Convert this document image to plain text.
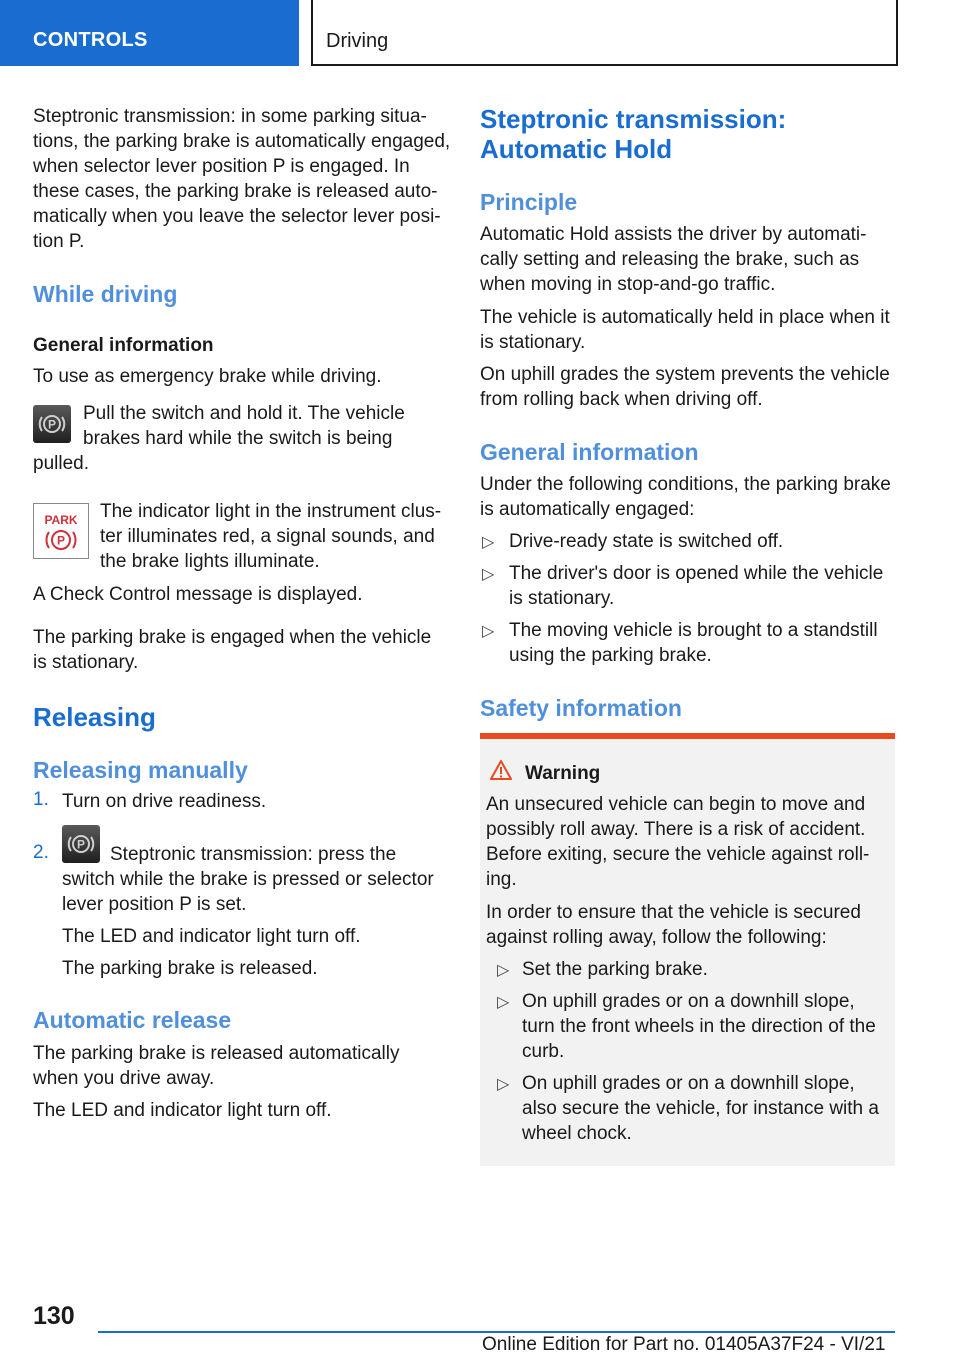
CONTROLS	Driving

Steptronic transmission: in some parking situa‐

tions, the parking brake is automatically engaged,

when selector lever position P is engaged. In

these cases, the parking brake is released auto‐

matically when you leave the selector lever posi‐

tion P.

While driving
General information

To use as emergency brake while driving.

P

Pull the switch and hold it. The vehicle

brakes hard while the switch is being

pulled.

PARK
P

The indicator light in the instrument clus‐

ter illuminates red, a signal sounds, and

the brake lights illuminate.

A Check Control message is displayed.

The parking brake is engaged when the vehicle

is stationary.

Releasing
Releasing manually
1. Turn on drive readiness.

2. P Steptronic transmission: press the

switch while the brake is pressed or selector

lever position P is set.

The LED and indicator light turn off.

The parking brake is released.

Automatic release

The parking brake is released automatically

when you drive away.

The LED and indicator light turn off.

Steptronic transmission:
Automatic Hold
Principle

Automatic Hold assists the driver by automati‐

cally setting and releasing the brake, such as

when moving in stop-and-go traffic.

The vehicle is automatically held in place when it

is stationary.

On uphill grades the system prevents the vehicle

from rolling back when driving off.

General information

Under the following conditions, the parking brake

is automatically engaged:

▷ Drive-ready state is switched off.

▷ The driver's door is opened while the vehicle

is stationary.

▷ The moving vehicle is brought to a standstill

using the parking brake.

Safety information
Warning

An unsecured vehicle can begin to move and

possibly roll away. There is a risk of accident.

Before exiting, secure the vehicle against roll‐

ing.

In order to ensure that the vehicle is secured

against rolling away, follow the following:

▷ Set the parking brake.

▷ On uphill grades or on a downhill slope,

turn the front wheels in the direction of the

curb.

▷ On uphill grades or on a downhill slope,

also secure the vehicle, for instance with a

wheel chock.

130
Online Edition for Part no. 01405A37F24 - VI/21
